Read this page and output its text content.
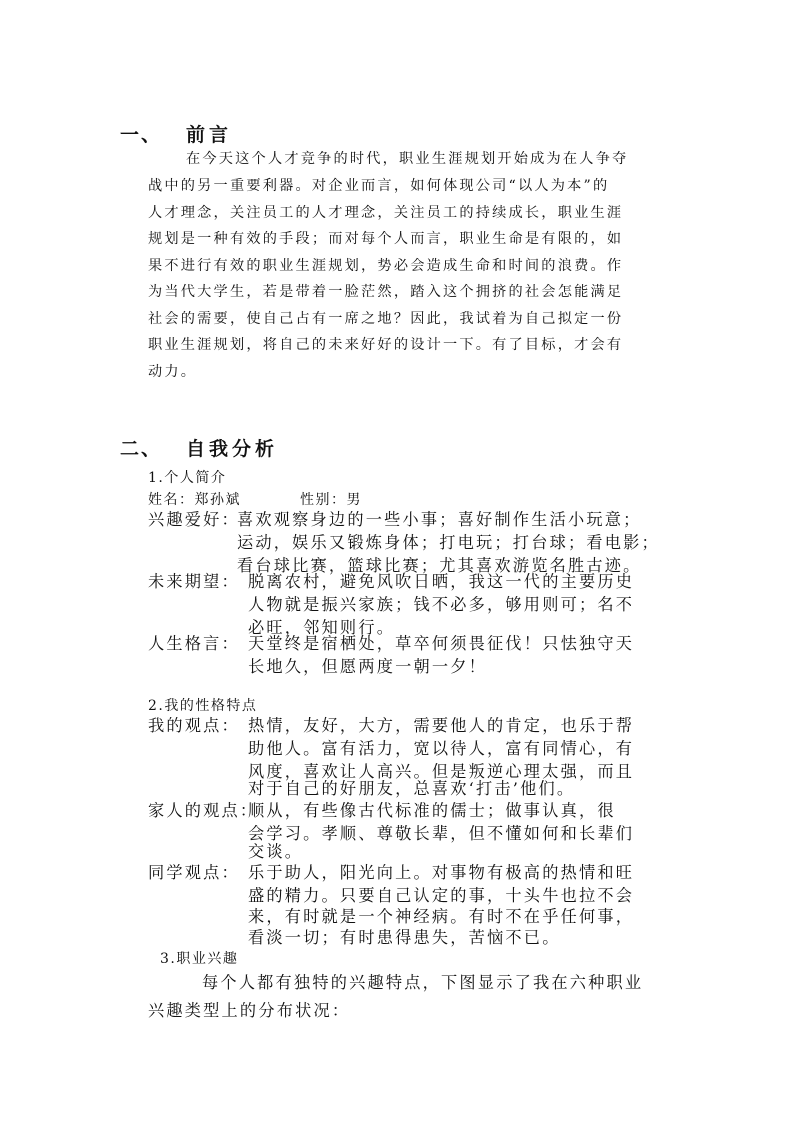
一、 前言
在今天这个人才竞争的时代，职业生涯规划开始成为在人争夺
战中的另一重要利器。对企业而言，如何体现公司“以人为本”的
人才理念，关注员工的人才理念，关注员工的持续成长，职业生涯
规划是一种有效的手段；而对每个人而言，职业生命是有限的，如
果不进行有效的职业生涯规划，势必会造成生命和时间的浪费。作
为当代大学生，若是带着一脸茫然，踏入这个拥挤的社会怎能满足
社会的需要，使自己占有一席之地？因此，我试着为自己拟定一份
职业生涯规划，将自己的未来好好的设计一下。有了目标，才会有
动力。
二、 自我分析
1.个人简介
姓名：郑孙斌	性别：男
兴趣爱好：
喜欢观察身边的一些小事；喜好制作生活小玩意；
运动，娱乐又锻炼身体；打电玩；打台球；看电影；
看台球比赛，篮球比赛；尤其喜欢游览名胜古迹。
未来期望： 脱离农村，避免风吹日晒，我这一代的主要历史
人物就是振兴家族；钱不必多，够用则可；名不
必旺，邻知则行。
人生格言： 天堂终是宿栖处，草卒何须畏征伐！只怯独守天
长地久，但愿两度一朝一夕！
2.我的性格特点
我的观点： 热情，友好，大方，需要他人的肯定，也乐于帮
助他人。富有活力，宽以待人，富有同情心，有
风度，喜欢让人高兴。但是叛逆心理太强，而且
对于自己的好朋友，总喜欢‘打击’他们。
家人的观点：
顺从，有些像古代标准的儒士；做事认真，很
会学习。孝顺、尊敬长辈，但不懂如何和长辈们
交谈。
同学观点： 乐于助人，阳光向上。对事物有极高的热情和旺
盛的精力。只要自己认定的事，十头牛也拉不会
来，有时就是一个神经病。有时不在乎任何事，
看淡一切；有时患得患失，苦恼不已。
3.职业兴趣
每个人都有独特的兴趣特点，下图显示了我在六种职业
兴趣类型上的分布状况：
